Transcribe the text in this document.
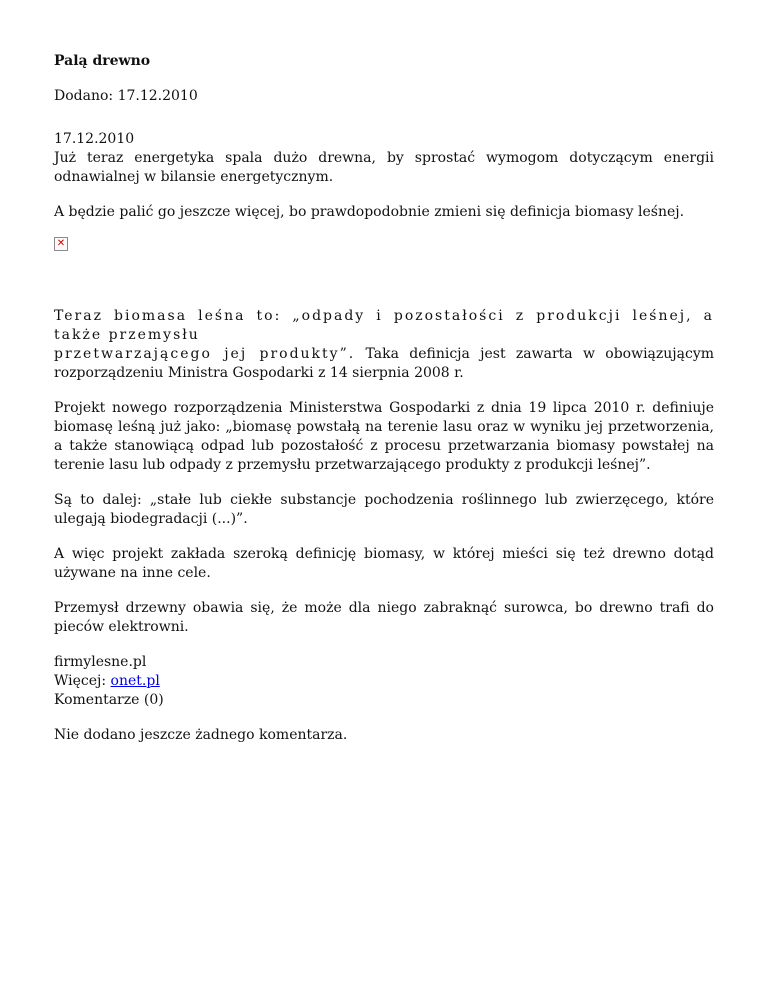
Palą drewno

Dodano: 17.12.2010

17.12.2010

Już teraz energetyka spala dużo drewna, by sprostać wymogom dotyczącym energii odnawialnej w bilansie energetycznym.

A będzie palić go jeszcze więcej, bo prawdopodobnie zmieni się definicja biomasy leśnej.

✕

Teraz biomasa leśna to: „odpady i pozostałości z produkcji leśnej, a także przemysłu
przetwarzającego jej produkty”. Taka definicja jest zawarta w obowiązującym rozporządzeniu Ministra Gospodarki z 14 sierpnia 2008 r.

Projekt nowego rozporządzenia Ministerstwa Gospodarki z dnia 19 lipca 2010 r. definiuje biomasę leśną już jako: „biomasę powstałą na terenie lasu oraz w wyniku jej przetworzenia, a także stanowiącą odpad lub pozostałość z procesu przetwarzania biomasy powstałej na terenie lasu lub odpady z przemysłu przetwarzającego produkty z produkcji leśnej”.

Są to dalej: „stałe lub ciekłe substancje pochodzenia roślinnego lub zwierzęcego, które ulegają biodegradacji (...)”.

A więc projekt zakłada szeroką definicję biomasy, w której mieści się też drewno dotąd używane na inne cele.

Przemysł drzewny obawia się, że może dla niego zabraknąć surowca, bo drewno trafi do pieców elektrowni.

firmylesne.pl

Więcej: onet.pl

Komentarze (0)

Nie dodano jeszcze żadnego komentarza.
